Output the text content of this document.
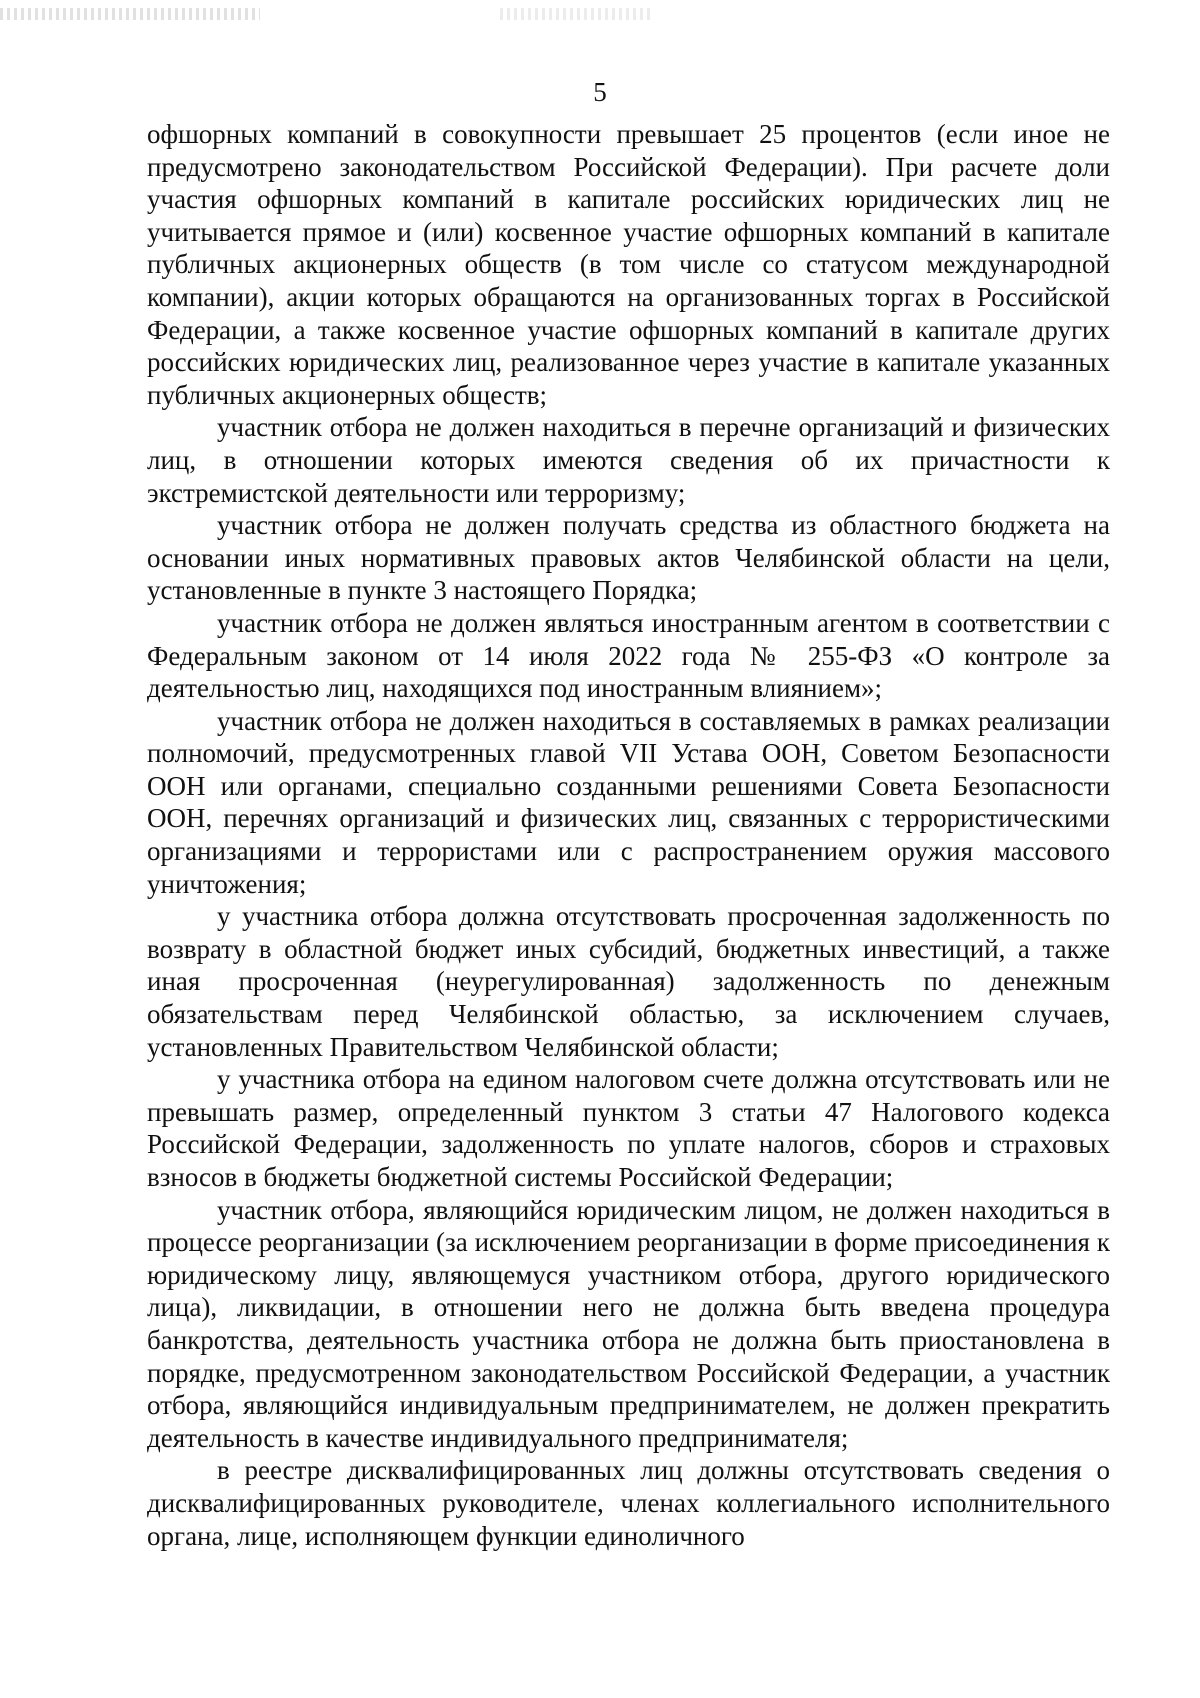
5

офшорных компаний в совокупности превышает 25 процентов (если иное не предусмотрено законодательством Российской Федерации). При расчете доли участия офшорных компаний в капитале российских юридических лиц не учитывается прямое и (или) косвенное участие офшорных компаний в капитале публичных акционерных обществ (в том числе со статусом международной компании), акции которых обращаются на организованных торгах в Российской Федерации, а также косвенное участие офшорных компаний в капитале других российских юридических лиц, реализованное через участие в капитале указанных публичных акционерных обществ;

участник отбора не должен находиться в перечне организаций и физических лиц, в отношении которых имеются сведения об их причастности к экстремистской деятельности или терроризму;

участник отбора не должен получать средства из областного бюджета на основании иных нормативных правовых актов Челябинской области на цели, установленные в пункте 3 настоящего Порядка;

участник отбора не должен являться иностранным агентом в соответствии с Федеральным законом от 14 июля 2022 года № 255-ФЗ «О контроле за деятельностью лиц, находящихся под иностранным влиянием»;

участник отбора не должен находиться в составляемых в рамках реализации полномочий, предусмотренных главой VII Устава ООН, Советом Безопасности ООН или органами, специально созданными решениями Совета Безопасности ООН, перечнях организаций и физических лиц, связанных с террористическими организациями и террористами или с распространением оружия массового уничтожения;

у участника отбора должна отсутствовать просроченная задолженность по возврату в областной бюджет иных субсидий, бюджетных инвестиций, а также иная просроченная (неурегулированная) задолженность по денежным обязательствам перед Челябинской областью, за исключением случаев, установленных Правительством Челябинской области;

у участника отбора на едином налоговом счете должна отсутствовать или не превышать размер, определенный пунктом 3 статьи 47 Налогового кодекса Российской Федерации, задолженность по уплате налогов, сборов и страховых взносов в бюджеты бюджетной системы Российской Федерации;

участник отбора, являющийся юридическим лицом, не должен находиться в процессе реорганизации (за исключением реорганизации в форме присоединения к юридическому лицу, являющемуся участником отбора, другого юридического лица), ликвидации, в отношении него не должна быть введена процедура банкротства, деятельность участника отбора не должна быть приостановлена в порядке, предусмотренном законодательством Российской Федерации, а участник отбора, являющийся индивидуальным предпринимателем, не должен прекратить деятельность в качестве индивидуального предпринимателя;

в реестре дисквалифицированных лиц должны отсутствовать сведения о дисквалифицированных руководителе, членах коллегиального исполнительного органа, лице, исполняющем функции единоличного
